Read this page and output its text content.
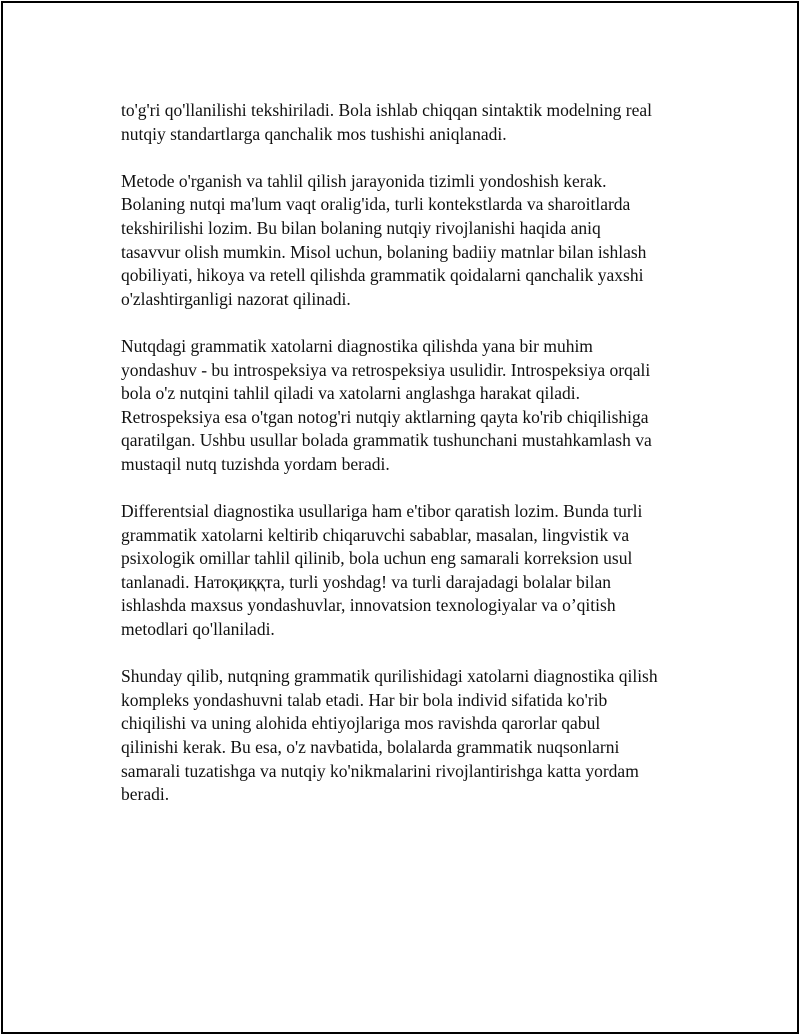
to'g'ri qo'llanilishi tekshiriladi. Bola ishlab chiqqan sintaktik modelning real
nutqiy standartlarga qanchalik mos tushishi aniqlanadi.

Metode o'rganish va tahlil qilish jarayonida tizimli yondoshish kerak.
Bolaning nutqi ma'lum vaqt oralig'ida, turli kontekstlarda va sharoitlarda
tekshirilishi lozim. Bu bilan bolaning nutqiy rivojlanishi haqida aniq
tasavvur olish mumkin. Misol uchun, bolaning badiiy matnlar bilan ishlash
qobiliyati, hikoya va retell qilishda grammatik qoidalarni qanchalik yaxshi
o'zlashtirganligi nazorat qilinadi.

Nutqdagi grammatik xatolarni diagnostika qilishda yana bir muhim
yondashuv - bu introspeksiya va retrospeksiya usulidir. Introspeksiya orqali
bola o'z nutqini tahlil qiladi va xatolarni anglashga harakat qiladi.
Retrospeksiya esa o'tgan notog'ri nutqiy aktlarning qayta ko'rib chiqilishiga
qaratilgan. Ushbu usullar bolada grammatik tushunchani mustahkamlash va
mustaqil nutq tuzishda yordam beradi.

Differentsial diagnostika usullariga ham e'tibor qaratish lozim. Bunda turli
grammatik xatolarni keltirib chiqaruvchi sabablar, masalan, lingvistik va
psixologik omillar tahlil qilinib, bola uchun eng samarali korreksion usul
tanlanadi. Натоқиққта, turli yoshdag! va turli darajadagi bolalar bilan
ishlashda maxsus yondashuvlar, innovatsion texnologiyalar va o’qitish
metodlari qo'llaniladi.

Shunday qilib, nutqning grammatik qurilishidagi xatolarni diagnostika qilish
kompleks yondashuvni talab etadi. Har bir bola individ sifatida ko'rib
chiqilishi va uning alohida ehtiyojlariga mos ravishda qarorlar qabul
qilinishi kerak. Bu esa, o'z navbatida, bolalarda grammatik nuqsonlarni
samarali tuzatishga va nutqiy ko'nikmalarini rivojlantirishga katta yordam
beradi.
